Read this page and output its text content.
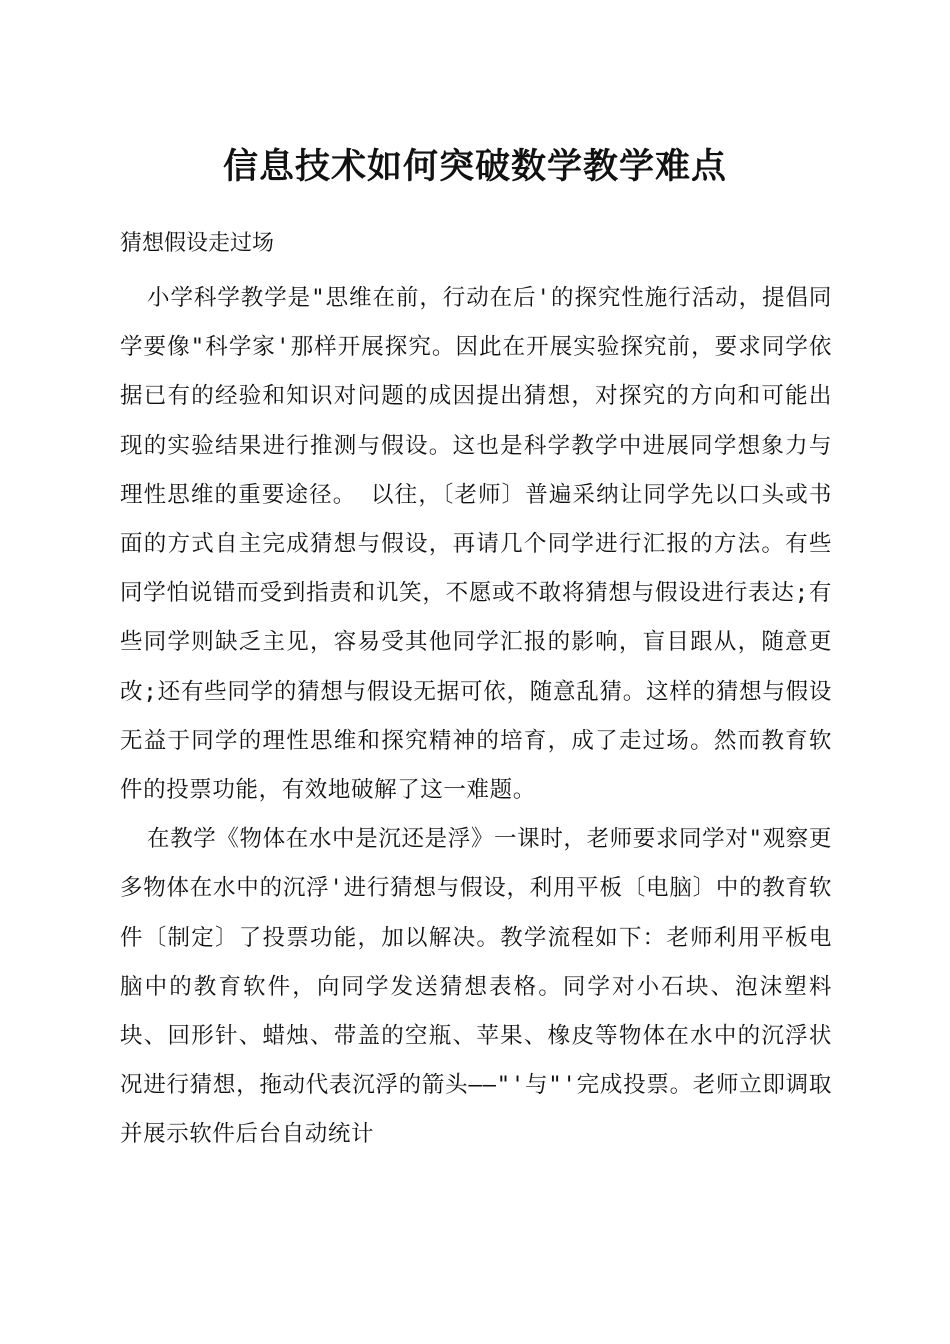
信息技术如何突破数学教学难点

猜想假设走过场

小学科学教学是"思维在前，行动在后'的探究性施行活动，提倡同学要像"科学家'那样开展探究。因此在开展实验探究前，要求同学依据已有的经验和知识对问题的成因提出猜想，对探究的方向和可能出现的实验结果进行推测与假设。这也是科学教学中进展同学想象力与理性思维的重要途径。 以往，〔老师〕普遍采纳让同学先以口头或书面的方式自主完成猜想与假设，再请几个同学进行汇报的方法。有些同学怕说错而受到指责和讥笑，不愿或不敢将猜想与假设进行表达;有些同学则缺乏主见，容易受其他同学汇报的影响，盲目跟从，随意更改;还有些同学的猜想与假设无据可依，随意乱猜。这样的猜想与假设无益于同学的理性思维和探究精神的培育，成了走过场。然而教育软件的投票功能，有效地破解了这一难题。

在教学《物体在水中是沉还是浮》一课时，老师要求同学对"观察更多物体在水中的沉浮'进行猜想与假设，利用平板〔电脑〕中的教育软件〔制定〕了投票功能，加以解决。教学流程如下：老师利用平板电脑中的教育软件，向同学发送猜想表格。同学对小石块、泡沫塑料块、回形针、蜡烛、带盖的空瓶、苹果、橡皮等物体在水中的沉浮状况进行猜想，拖动代表沉浮的箭头——"'与"'完成投票。老师立即调取并展示软件后台自动统计
